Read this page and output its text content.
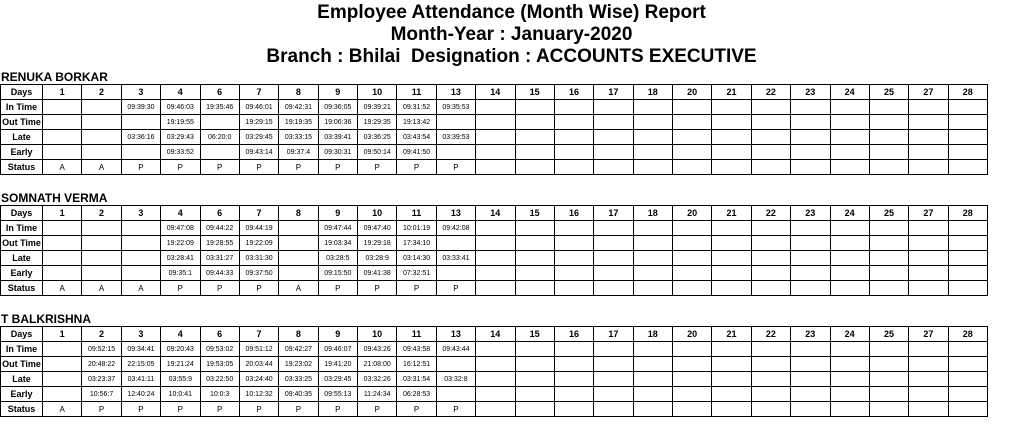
Employee Attendance (Month Wise) Report
Month-Year : January-2020
Branch : Bhilai  Designation : ACCOUNTS EXECUTIVE
RENUKA BORKAR
Days	1	2	3	4	6	7	8	9	10	11	13	14	15	16	17	18	20	21	22	23	24	25	27	28
In Time			09:39:30	09:46:03	19:35:46	09:46:01	09:42:31	09:36:05	09:39:21	09:31:52	09:35:53													
Out Time				19:19:55		19:29:15	19:19:35	19:06:36	19:29:35	19:13:42														
Late			03:36:16	03:29:43	06:20:0	03:29:45	03:33:15	03:39:41	03:36:25	03:43:54	03:39:53													
Early				09:33:52		09:43:14	09:37:4	09:30:31	09:50:14	09:41:50														
Status	A	A	P	P	P	P	P	P	P	P	P													
SOMNATH VERMA
Days	1	2	3	4	6	7	8	9	10	11	13	14	15	16	17	18	20	21	22	23	24	25	27	28
In Time				09:47:08	09:44:22	09:44:19		09:47:44	09:47:40	10:01:19	09:42:08													
Out Time				19:22:09	19:28:55	19:22:09		19:03:34	19:29:18	17:34:10														
Late				03:28:41	03:31:27	03:31:30		03:28:5	03:28:9	03:14:30	03:33:41													
Early				09:35:1	09:44:33	09:37:50		09:15:50	09:41:38	07:32:51														
Status	A	A	A	P	P	P	A	P	P	P	P													
T BALKRISHNA
Days	1	2	3	4	6	7	8	9	10	11	13	14	15	16	17	18	20	21	22	23	24	25	27	28
In Time		09:52:15	09:34:41	09:20:43	09:53:02	09:51:12	09:42:27	09:46:07	09:43:26	09:43:58	09:43:44													
Out Time		20:48:22	22:15:05	19:21:24	19:53:05	20:03:44	19:23:02	19:41:20	21:08:00	16:12:51														
Late		03:23:37	03:41:11	03:55:9	03:22:50	03:24:40	03:33:25	03:29:45	03:32:26	03:31:54	03:32:8													
Early		10:56:7	12:40:24	10:0:41	10:0:3	10:12:32	09:40:35	09:55:13	11:24:34	06:28:53														
Status	A	P	P	P	P	P	P	P	P	P	P													
